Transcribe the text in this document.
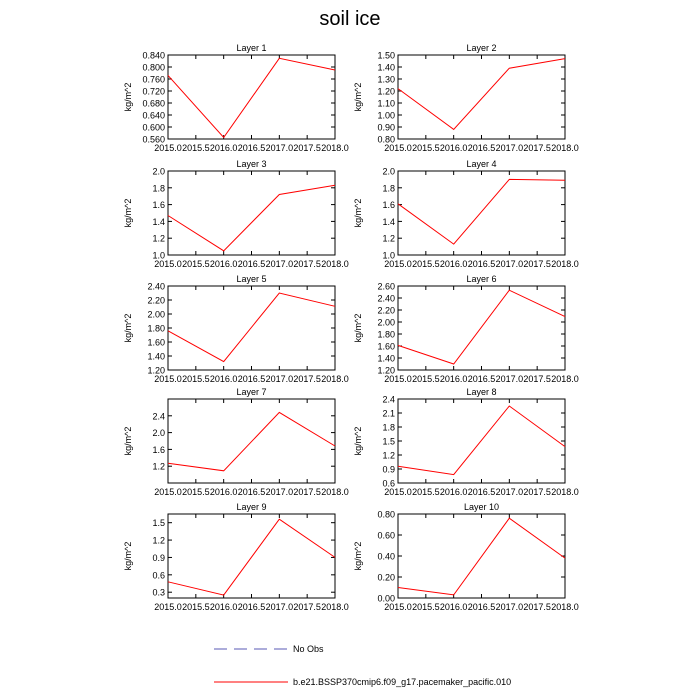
soil ice
Layer 1
0.560
0.600
0.640
0.680
0.720
0.760
0.800
0.840
2015.0 2015.5 2016.0 2016.5 2017.0 2017.5 2018.0
kg/m^2
Layer 2
0.80
0.90
1.00
1.10
1.20
1.30
1.40
1.50
2015.0 2015.5 2016.0 2016.5 2017.0 2017.5 2018.0
kg/m^2
Layer 3
1.0
1.2
1.4
1.6
1.8
2.0
2015.0 2015.5 2016.0 2016.5 2017.0 2017.5 2018.0
kg/m^2
Layer 4
1.0
1.2
1.4
1.6
1.8
2.0
2015.0 2015.5 2016.0 2016.5 2017.0 2017.5 2018.0
kg/m^2
Layer 5
1.20
1.40
1.60
1.80
2.00
2.20
2.40
2015.0 2015.5 2016.0 2016.5 2017.0 2017.5 2018.0
kg/m^2
Layer 6
1.20
1.40
1.60
1.80
2.00
2.20
2.40
2.60
2015.0 2015.5 2016.0 2016.5 2017.0 2017.5 2018.0
kg/m^2
Layer 7
1.2
1.6
2.0
2.4
2015.0 2015.5 2016.0 2016.5 2017.0 2017.5 2018.0
kg/m^2
Layer 8
0.6
0.9
1.2
1.5
1.8
2.1
2.4
2015.0 2015.5 2016.0 2016.5 2017.0 2017.5 2018.0
kg/m^2
Layer 9
0.3
0.6
0.9
1.2
1.5
2015.0 2015.5 2016.0 2016.5 2017.0 2017.5 2018.0
kg/m^2
Layer 10
0.00
0.20
0.40
0.60
0.80
2015.0 2015.5 2016.0 2016.5 2017.0 2017.5 2018.0
kg/m^2
No Obs
b.e21.BSSP370cmip6.f09_g17.pacemaker_pacific.010
